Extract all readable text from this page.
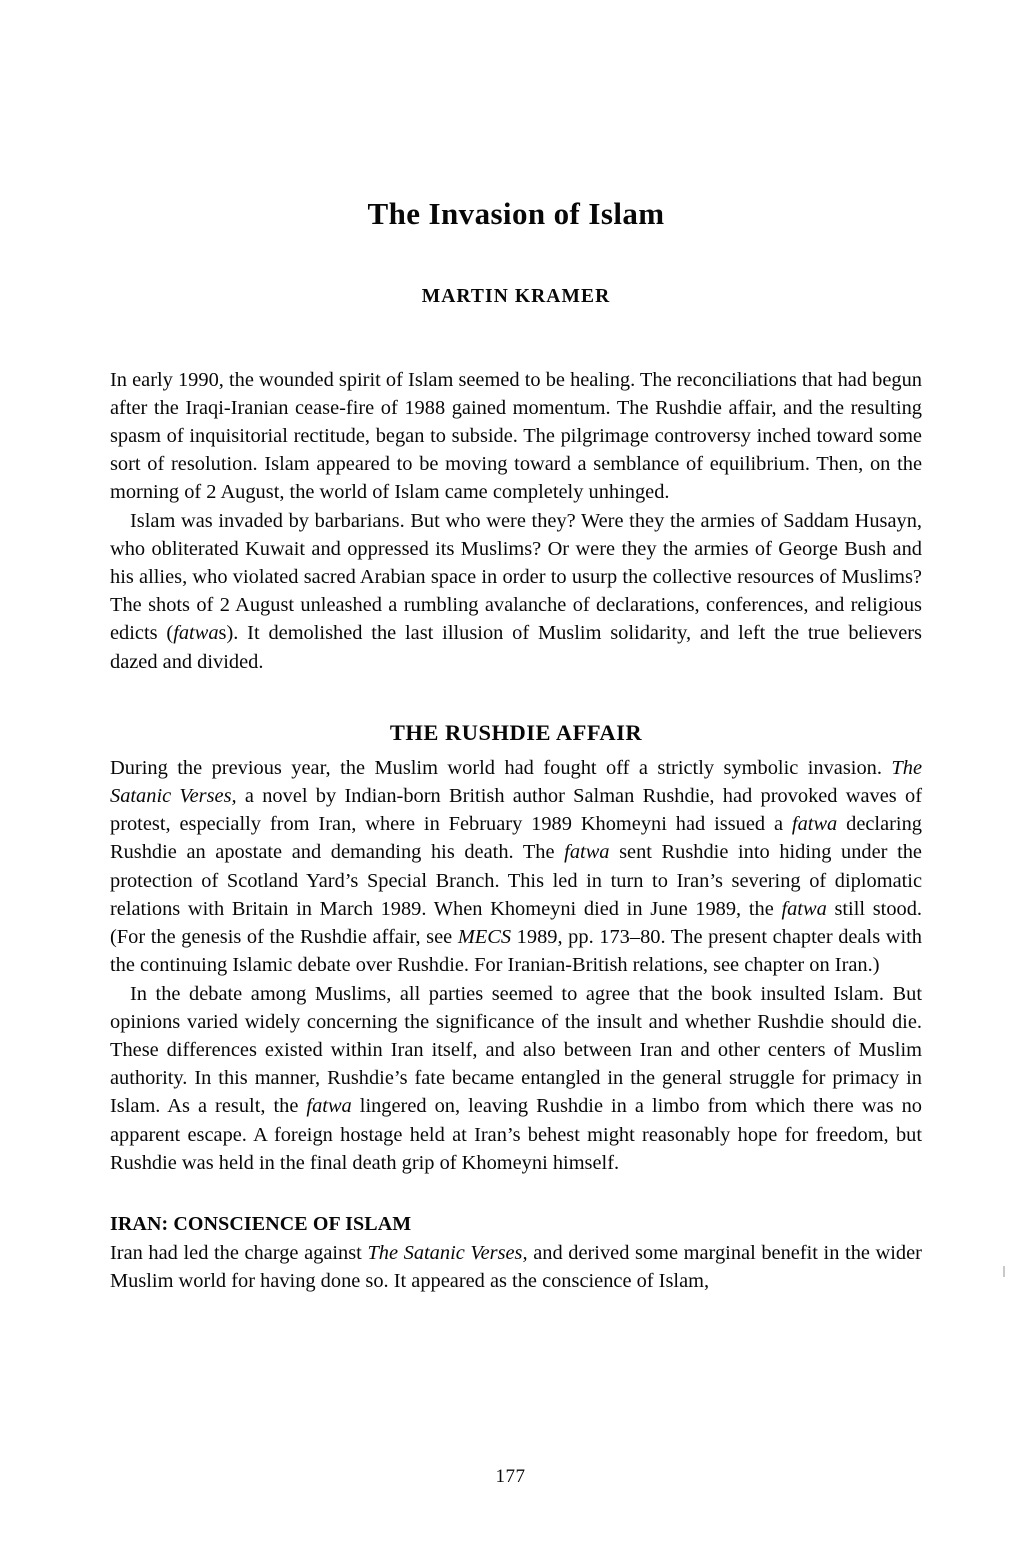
The Invasion of Islam
MARTIN KRAMER

In early 1990, the wounded spirit of Islam seemed to be healing. The reconciliations that had begun after the Iraqi-Iranian cease-fire of 1988 gained momentum. The Rushdie affair, and the resulting spasm of inquisitorial rectitude, began to subside. The pilgrimage controversy inched toward some sort of resolution. Islam appeared to be moving toward a semblance of equilibrium. Then, on the morning of 2 August, the world of Islam came completely unhinged.

Islam was invaded by barbarians. But who were they? Were they the armies of Saddam Husayn, who obliterated Kuwait and oppressed its Muslims? Or were they the armies of George Bush and his allies, who violated sacred Arabian space in order to usurp the collective resources of Muslims? The shots of 2 August unleashed a rumbling avalanche of declarations, conferences, and religious edicts (fatwas). It demolished the last illusion of Muslim solidarity, and left the true believers dazed and divided.

THE RUSHDIE AFFAIR

During the previous year, the Muslim world had fought off a strictly symbolic invasion. The Satanic Verses, a novel by Indian-born British author Salman Rushdie, had provoked waves of protest, especially from Iran, where in February 1989 Khomeyni had issued a fatwa declaring Rushdie an apostate and demanding his death. The fatwa sent Rushdie into hiding under the protection of Scotland Yard’s Special Branch. This led in turn to Iran’s severing of diplomatic relations with Britain in March 1989. When Khomeyni died in June 1989, the fatwa still stood. (For the genesis of the Rushdie affair, see MECS 1989, pp. 173–80. The present chapter deals with the continuing Islamic debate over Rushdie. For Iranian-British relations, see chapter on Iran.)

In the debate among Muslims, all parties seemed to agree that the book insulted Islam. But opinions varied widely concerning the significance of the insult and whether Rushdie should die. These differences existed within Iran itself, and also between Iran and other centers of Muslim authority. In this manner, Rushdie’s fate became entangled in the general struggle for primacy in Islam. As a result, the fatwa lingered on, leaving Rushdie in a limbo from which there was no apparent escape. A foreign hostage held at Iran’s behest might reasonably hope for freedom, but Rushdie was held in the final death grip of Khomeyni himself.

IRAN: CONSCIENCE OF ISLAM

Iran had led the charge against The Satanic Verses, and derived some marginal benefit in the wider Muslim world for having done so. It appeared as the conscience of Islam,

177
